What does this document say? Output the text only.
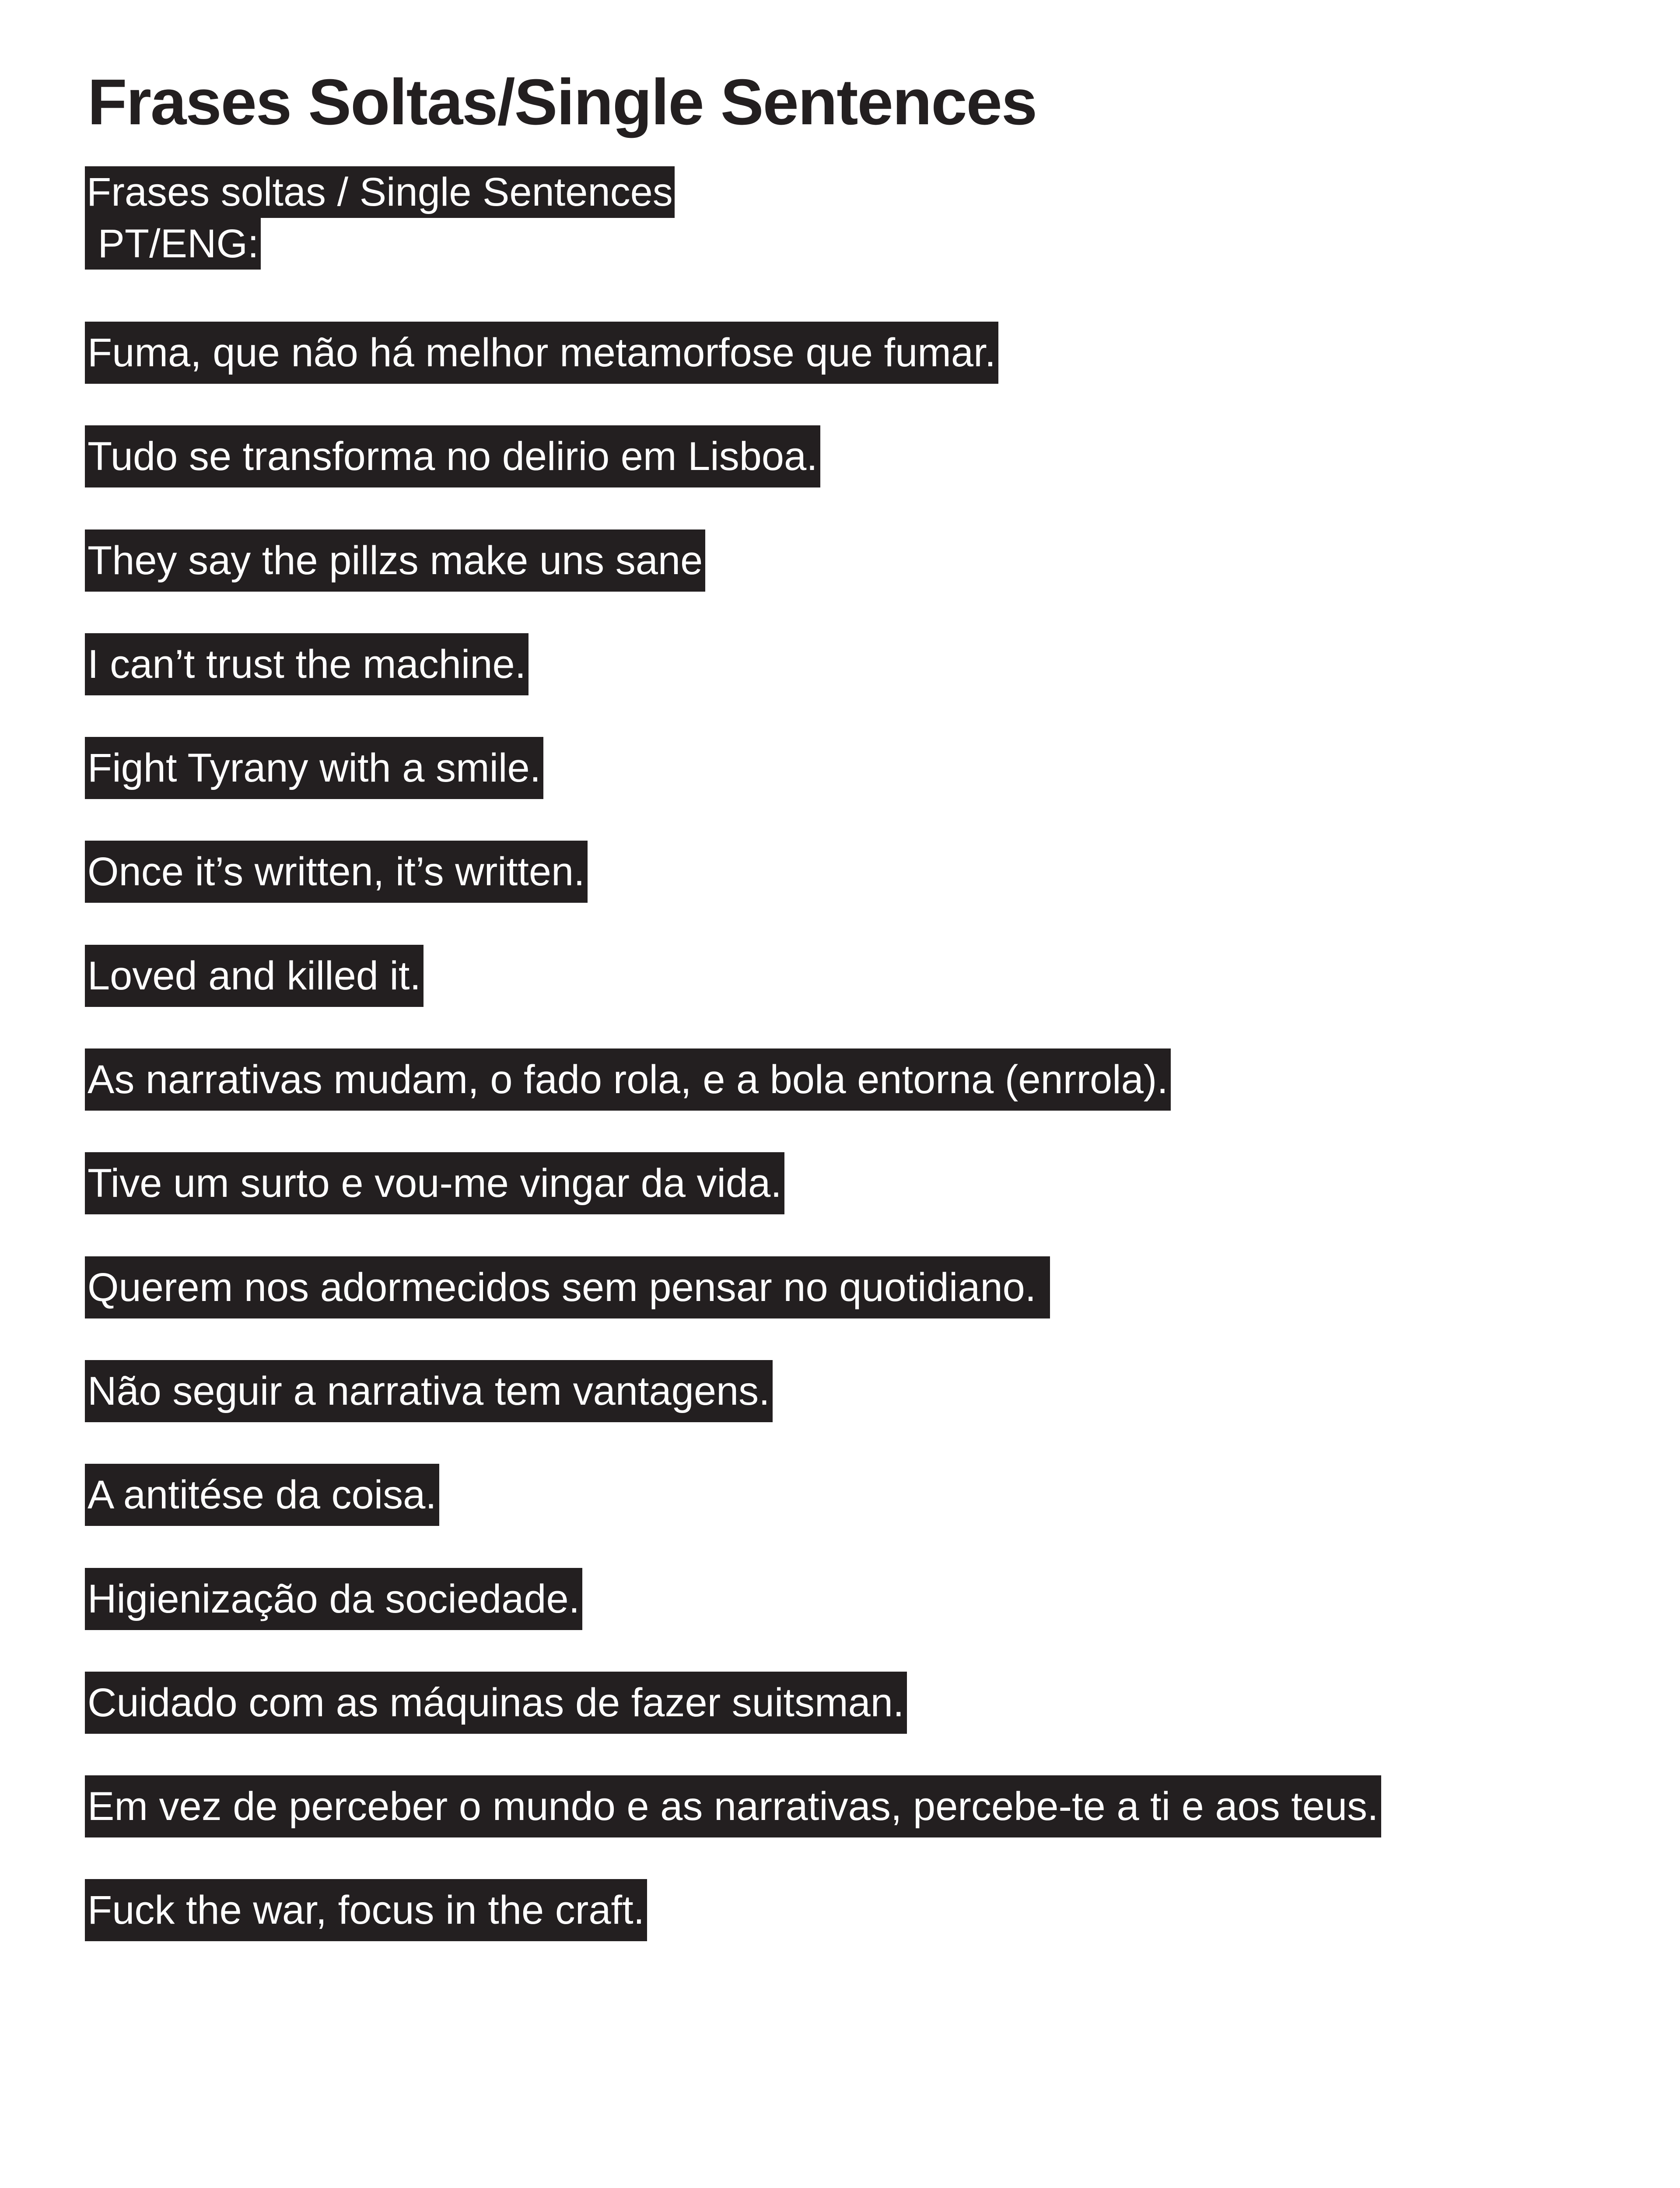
Frases Soltas/Single Sentences
Frases soltas / Single Sentences
PT/ENG:
Fuma, que não há melhor metamorfose que fumar.
Tudo se transforma no delirio em Lisboa.
They say the pillzs make uns sane
I can’t trust the machine.
Fight Tyrany with a smile.
Once it’s written, it’s written.
Loved and killed it.
As narrativas mudam, o fado rola, e a bola entorna (enrrola).
Tive um surto e vou-me vingar da vida.
Querem nos adormecidos sem pensar no quotidiano.
Não seguir a narrativa tem vantagens.
A antitése da coisa.
Higienização da sociedade.
Cuidado com as máquinas de fazer suitsman.
Em vez de perceber o mundo e as narrativas, percebe-te a ti e aos teus.
Fuck the war, focus in the craft.
